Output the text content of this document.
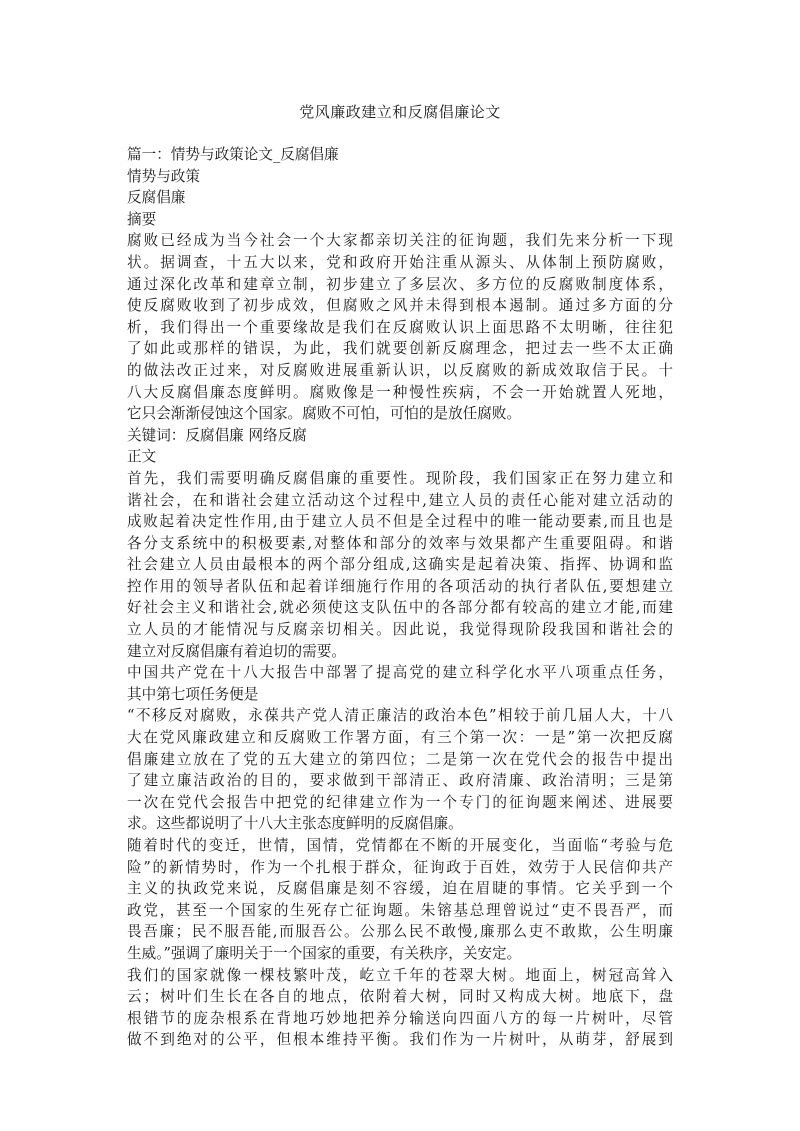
党风廉政建立和反腐倡廉论文
篇一：情势与政策论文_反腐倡廉
情势与政策
反腐倡廉
摘要
腐败已经成为当今社会一个大家都亲切关注的征询题，我们先来分析一下现
状。据调查，十五大以来，党和政府开始注重从源头、从体制上预防腐败，
通过深化改革和建章立制，初步建立了多层次、多方位的反腐败制度体系，
使反腐败收到了初步成效，但腐败之风并未得到根本遏制。通过多方面的分
析，我们得出一个重要缘故是我们在反腐败认识上面思路不太明晰，往往犯
了如此或那样的错误，为此，我们就要创新反腐理念，把过去一些不太正确
的做法改正过来，对反腐败进展重新认识，以反腐败的新成效取信于民。十
八大反腐倡廉态度鲜明。腐败像是一种慢性疾病，不会一开始就置人死地，
它只会渐渐侵蚀这个国家。腐败不可怕，可怕的是放任腐败。
关键词：反腐倡廉 网络反腐
正文
首先，我们需要明确反腐倡廉的重要性。现阶段，我们国家正在努力建立和
谐社会，在和谐社会建立活动这个过程中,建立人员的责任心能对建立活动的
成败起着决定性作用,由于建立人员不但是全过程中的唯一能动要素,而且也是
各分支系统中的积极要素,对整体和部分的效率与效果都产生重要阻碍。和谐
社会建立人员由最根本的两个部分组成,这确实是起着决策、指挥、协调和监
控作用的领导者队伍和起着详细施行作用的各项活动的执行者队伍,要想建立
好社会主义和谐社会,就必须使这支队伍中的各部分都有较高的建立才能,而建
立人员的才能情况与反腐亲切相关。因此说，我觉得现阶段我国和谐社会的
建立对反腐倡廉有着迫切的需要。
中国共产党在十八大报告中部署了提高党的建立科学化水平八项重点任务，
其中第七项任务便是
“不移反对腐败，永葆共产党人清正廉洁的政治本色”相较于前几届人大，十八
大在党风廉政建立和反腐败工作署方面，有三个第一次：一是”第一次把反腐
倡廉建立放在了党的五大建立的第四位；二是第一次在党代会的报告中提出
了建立廉洁政治的目的，要求做到干部清正、政府清廉、政治清明；三是第
一次在党代会报告中把党的纪律建立作为一个专门的征询题来阐述、进展要
求。这些都说明了十八大主张态度鲜明的反腐倡廉。
随着时代的变迁，世情，国情，党情都在不断的开展变化，当面临“考验与危
险”的新情势时，作为一个扎根于群众，征询政于百姓，效劳于人民信仰共产
主义的执政党来说，反腐倡廉是刻不容缓，迫在眉睫的事情。它关乎到一个
政党，甚至一个国家的生死存亡征询题。朱镕基总理曾说过“吏不畏吾严，而
畏吾廉；民不服吾能,而服吾公。公那么民不敢慢,廉那么吏不敢欺，公生明廉
生威。”强调了廉明关于一个国家的重要，有关秩序，关安定。
我们的国家就像一棵枝繁叶茂，屹立千年的苍翠大树。地面上，树冠高耸入
云；树叶们生长在各自的地点，依附着大树，同时又构成大树。地底下，盘
根错节的庞杂根系在背地巧妙地把养分输送向四面八方的每一片树叶，尽管
做不到绝对的公平，但根本维持平衡。我们作为一片树叶，从萌芽，舒展到
